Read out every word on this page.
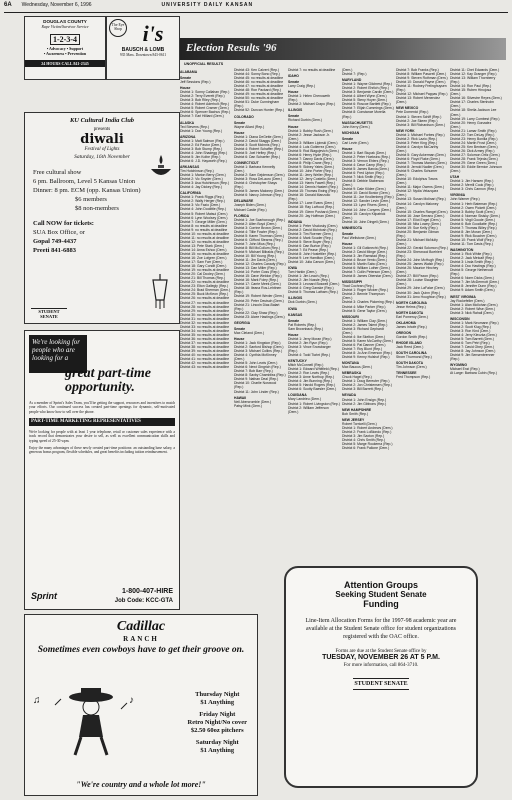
6A Wednesday, November 6, 1996	UNIVERSITY DAILY KANSAN
DOUGLAS COUNTY
Rape Victim/Survivor Service
1-2-3-4
• Advocacy • Support
• Awareness • Prevention
24 HOURS CALL 841-2345
The Eye Shop i's
BAUSCH & LOMB
935 Mass. Downtown 843-0611
KU Cultural India Club
presents
diwali
Festival of Lights
Saturday, 16th November
Free cultural show
6 pm. Ballroom, Level 5 Kansas Union
Dinner: 8 pm. ECM (opp. Kansas Union)
$6 members
$8 non-members
Call NOW for tickets:
SUA Box Office, or
Gopal 749-4437
Preeti 841-6883
STUDENT SENATE
We're looking for people who are looking for a
great part-time opportunity.
As a member of Sprint's Sales Team, you'll be getting the support, resources and incentives to match your efforts. Our continued success has created part-time openings for dynamic, self-motivated people who know how to sell over the phone.
PART-TIME MARKETING REPRESENTATIVES
We're looking for people with at least 1 year telephone, retail or customer sales experience with a track record that demonstrates your desire to sell, as well as excellent communication skills and typing speed of 25-30 wpm.
Enjoy the many advantages of these newly created part-time positions: an outstanding base salary, a generous bonus program, flexible schedules, and great benefits including tuition reimbursement.
Sprint	1-800-407-HIRE
Job Code: KCC-GTA
Election Results '96
UNOFFICIAL RESULTS
ALABAMA
Senate
Jeff Sessions (Rep.)
House
District 1: Sonny Callahan (Rep.)
District 2: Terry Everett (Rep.)
District 3: Bob Riley (Rep.)
District 4: Robert Aderholt (Rep.)
District 5: Robert Cramer (Dem.)
District 6: Spencer Bachus (Rep.)
District 7: Earl Hilliard (Dem.)
ALASKA
Ted Stevens (Rep.)
District 1: Don Young (Rep.)
ARIZONA
District 1: Matt Salmon (Rep.)
District 2: Ed Pastor (Dem.)
District 3: Bob Stump (Rep.)
District 4: John Shadegg (Rep.)
District 5: Jim Kolbe (Rep.)
District 6: J.D. Hayworth (Rep.)
ARKANSAS
Tim Hutchinson (Rep.)
District 1: Marion Berry (Dem.)
District 2: Vic Snyder (Dem.)
District 3: Asa Hutchinson (Rep.)
District 4: Jay Dickey (Rep.)
CALIFORNIA
District 1: Frank Riggs (Rep.)
District 2: Wally Herger (Rep.)
District 3: Vic Fazio (Dem.)
District 4: John Doolittle (Rep.)
District 5: Robert Matsui (Dem.)
District 6: Lynn Woolsey (Dem.)
District 7: George Miller (Dem.)
District 8: no results at deadline
District 9: no results at deadline
District 10: no results at deadline
District 11: no results at deadline
District 12: no results at deadline
District 13: Pete Stark (Dem.)
District 14: Anna Eshoo (Dem.)
District 15: no results at deadline
District 16: Zoe Lofgren (Dem.)
District 17: Sam Farr (Dem.)
District 18: Gary Condit (Dem.)
District 19: no results at deadline
District 20: Cal Dooley (Dem.)
District 21: Bill Thomas (Rep.)
District 22: no results at deadline
District 23: Elton Gallegly (Rep.)
District 24: Brad Sherman (Dem.)
District 25: Buck McKeon (Rep.)
District 26: no results at deadline
District 27: no results at deadline
District 28: no results at deadline
District 29: no results at deadline
District 30: no results at deadline
District 31: no results at deadline
District 32: no results at deadline
District 33: no results at deadline
District 34: no results at deadline
District 35: no results at deadline
District 36: no results at deadline
District 37: no results at deadline
District 38: no results at deadline
District 39: no results at deadline
District 40: no results at deadline
District 41: no results at deadline
District 42: no results at deadline
District 43: no results at deadline
District 43: Ken Calvert (Rep.)
District 44: Sonny Bono (Rep.)
District 45: no results at deadline
District 46: no results at deadline
District 47: no results at deadline
District 48: Ron Packard (Rep.)
District 49: no results at deadline
District 50: no results at deadline
District 51: Duke Cunningham (Rep.)
District 52: Duncan Hunter (Rep.)
COLORADO
Senate
Wayne Allard (Rep.)
House
District 1: Diana DeGette (Dem.)
District 2: David Skaggs (Dem.)
District 3: Scott McInnis (Rep.)
District 4: Robert Schaffer (Rep.)
District 5: Joel Hefley (Rep.)
District 6: Dan Schaefer (Rep.)
CONNECTICUT
District 1: Barbara Kennelly (Dem.)
District 2: Sam Gejdenson (Dem.)
District 3: Rosa DeLauro (Dem.)
District 4: Christopher Shays (Rep.)
District 5: James Maloney (Dem.)
District 6: Nancy Johnson (Rep.)
DELAWARE
Joseph Biden (Dem.)
Michael Castle (Rep.)
FLORIDA
District 1: Joe Scarborough (Rep.)
District 2: Allen Boyd (Dem.)
District 3: Corrine Brown (Dem.)
District 4: Tillie Fowler (Rep.)
District 5: Karen Thurman (Dem.)
District 6: Clifford Stearns (Rep.)
District 7: John Mica (Rep.)
District 8: Bill McCollum (Rep.)
District 9: Michael Bilirakis (Rep.)
District 10: Bill Young (Rep.)
District 11: Jim Davis (Dem.)
District 12: Charles Canady (Rep.)
District 13: Dan Miller (Rep.)
District 14: Porter Goss (Rep.)
District 15: Dave Weldon (Rep.)
District 16: Mark Foley (Rep.)
District 17: Carrie Meek (Dem.)
District 18: Ileana Ros-Lehtinen (Rep.)
District 19: Robert Wexler (Dem.)
District 20: Peter Deutsch (Dem.)
District 21: Lincoln Diaz-Balart (Rep.)
District 22: Clay Shaw (Rep.)
District 23: Alcee Hastings (Dem.)
GEORGIA
Senate
Max Cleland (Dem.)
House
District 1: Jack Kingston (Rep.)
District 2: Sanford Bishop (Dem.)
District 3: Michael Collins (Rep.)
District 4: Cynthia McKinney (Dem.)
District 5: John Lewis (Dem.)
District 6: Newt Gingrich (Rep.)
District 7: Bob Barr (Rep.)
District 8: Saxby Chambliss (Rep.)
District 9: Nathan Deal (Rep.)
District 10: Charlie Norwood (Rep.)
District 11: John Linder (Rep.)
HAWAII
Neil Abercrombie (Dem.)
Patsy Mink (Dem.)
District 7: no results at deadline
IDAHO
Senate
Larry Craig (Rep.)
House
District 1: Helen Chenoweth (Rep.)
District 2: Michael Crapo (Rep.)
ILLINOIS
Senate
Richard Durbin (Dem.)
House
District 1: Bobby Rush (Dem.)
District 2: Jesse Jackson Jr. (Dem.)
District 3: William Lipinski (Dem.)
District 4: Luis Gutierrez (Dem.)
District 5: Rod Blagojevich (Dem.)
District 6: Henry Hyde (Rep.)
District 7: Danny Davis (Dem.)
District 8: Philip Crane (Rep.)
District 9: Sidney Yates (Dem.)
District 10: John Porter (Rep.)
District 11: Jerry Weller (Rep.)
District 12: Jerry Costello (Dem.)
District 13: Harris Fawell (Rep.)
District 14: Dennis Hastert (Rep.)
District 15: Thomas Ewing (Rep.)
District 16: Donald Manzullo (Rep.)
District 17: Lane Evans (Dem.)
District 18: Ray LaHood (Rep.)
District 19: Glenn Poshard (Dem.)
District 20: Jay Hoffman (Dem.)
INDIANA
District 1: Peter Visclosky (Dem.)
District 2: David McIntosh (Rep.)
District 3: Tim Roemer (Dem.)
District 4: Mark Souder (Rep.)
District 5: Steve Buyer (Rep.)
District 6: Dan Burton (Rep.)
District 7: Ed Pease (Rep.)
District 8: John Hostettler (Rep.)
District 9: Lee Hamilton (Dem.)
District 10: Julia Carson (Dem.)
IOWA
Tom Harkin (Dem.)
District 1: Jim Leach (Rep.)
District 2: Jim Nussle (Rep.)
District 3: Leonard Boswell (Dem.)
District 4: Greg Ganske (Rep.)
District 5: Thomas Latham (Rep.)
ILLINOIS
Dick Durbin (Dem.)
IOWA
KANSAS
Senate
Pat Roberts (Rep.)
Sam Brownback (Rep.)
House
District 1: Jerry Moran (Rep.)
District 2: Jim Ryun (Rep.)
District 3: Vince Snowbarger (Rep.)
District 4: Todd Tiahrt (Rep.)
KENTUCKY
Mitch McConnell (Rep.)
District 1: Edward Whitfield (Rep.)
District 2: Ron Lewis (Rep.)
District 3: Anne Northup (Rep.)
District 4: Jim Bunning (Rep.)
District 5: Harold Rogers (Rep.)
District 6: Scotty Baesler (Dem.)
LOUISIANA
Mary Landrieu (Dem.)
District 1: Robert Livingston (Rep.)
District 2: William Jefferson (Dem.)
(Dem.)
District 7: (Rep.)
MARYLAND
District 1: Wayne Gilchrest (Rep.)
District 2: Robert Ehrlich (Rep.)
District 3: Benjamin Cardin (Dem.)
District 4: Albert Wynn (Dem.)
District 5: Steny Hoyer (Dem.)
District 6: Roscoe Bartlett (Rep.)
District 7: Elijah Cummings (Dem.)
District 8: Constance Morella (Rep.)
MASSACHUSETTS
John Kerry (Dem.)
MICHIGAN
Senate
Carl Levin (Dem.)
House
District 1: Bart Stupak (Dem.)
District 2: Peter Hoekstra (Rep.)
District 3: Vernon Ehlers (Rep.)
District 4: Dave Camp (Rep.)
District 5: James Barcia (Dem.)
District 6: Fred Upton (Rep.)
District 7: Nick Smith (Rep.)
District 8: Debbie Stabenow (Dem.)
District 9: Dale Kildee (Dem.)
District 10: David Bonior (Dem.)
District 11: Joe Knollenberg (Rep.)
District 12: Sander Levin (Dem.)
District 13: Lynn Rivers (Dem.)
District 14: John Conyers (Dem.)
District 15: Carolyn Kilpatrick (Dem.)
District 16: John Dingell (Dem.)
MINNESOTA
Senate
Paul Wellstone (Dem.)
House
District 1: Gil Gutknecht (Rep.)
District 2: David Minge (Dem.)
District 3: Jim Ramstad (Rep.)
District 4: Bruce Vento (Dem.)
District 5: Martin Sabo (Dem.)
District 6: William Luther (Dem.)
District 7: Collin Peterson (Dem.)
District 8: James Oberstar (Dem.)
MISSISSIPPI
Thad Cochran (Rep.)
District 1: Roger Wicker (Rep.)
District 2: Bennie Thompson (Dem.)
District 3: Charles Pickering (Rep.)
District 4: Mike Parker (Rep.)
District 5: Gene Taylor (Dem.)
MISSOURI
District 1: William Clay (Dem.)
District 2: James Talent (Rep.)
District 3: Richard Gephardt (Dem.)
District 4: Ike Skelton (Dem.)
District 5: Karen McCarthy (Dem.)
District 6: Pat Danner (Dem.)
District 7: Roy Blunt (Rep.)
District 8: Jo Ann Emerson (Rep.)
District 9: Kenny Hulshof (Rep.)
MONTANA
Max Baucus (Dem.)
NEBRASKA
Chuck Hagel (Rep.)
District 1: Doug Bereuter (Rep.)
District 2: Jon Christensen (Rep.)
District 3: Bill Barrett (Rep.)
NEVADA
District 1: John Ensign (Rep.)
District 2: Jim Gibbons (Rep.)
NEW HAMPSHIRE
Bob Smith (Rep.)
NEW JERSEY
Robert Torricelli (Dem.)
District 1: Robert Andrews (Dem.)
District 2: Frank LoBiondo (Rep.)
District 3: Jim Saxton (Rep.)
District 4: Chris Smith (Rep.)
District 5: Marge Roukema (Rep.)
District 6: Frank Pallone (Dem.)
District 7: Bob Franks (Rep.)
District 8: William Pascrell (Dem.)
District 9: Steven Rothman (Dem.)
District 10: Donald Payne (Dem.)
District 11: Rodney Frelinghuysen (Rep.)
District 12: Michael Pappas (Rep.)
District 13: Robert Menendez (Dem.)
NEW MEXICO
Pete Domenici (Rep.)
District 1: Steven Schiff (Rep.)
District 2: Joe Skeen (Rep.)
District 3: Bill Richardson (Dem.)
NEW YORK
District 1: Michael Forbes (Rep.)
District 2: Rick Lazio (Rep.)
District 3: Peter King (Rep.)
District 4: Carolyn McCarthy (Dem.)
District 5: Gary Ackerman (Dem.)
District 6: Floyd Flake (Dem.)
District 7: Thomas Manton (Dem.)
District 8: Jerrold Nadler (Dem.)
District 9: Charles Schumer (Dem.)
District 10: Edolphus Towns (Dem.)
District 11: Major Owens (Dem.)
District 12: Nydia Velazquez (Dem.)
District 13: Susan Molinari (Rep.)
District 14: Carolyn Maloney (Dem.)
District 15: Charles Rangel (Dem.)
District 16: Jose Serrano (Dem.)
District 17: Eliot Engel (Dem.)
District 18: Nita Lowey (Dem.)
District 19: Sue Kelly (Rep.)
District 20: Benjamin Gilman (Rep.)
District 21: Michael McNulty (Dem.)
District 22: Gerald Solomon (Rep.)
District 23: Sherwood Boehlert (Rep.)
District 24: John McHugh (Rep.)
District 25: James Walsh (Rep.)
District 26: Maurice Hinchey (Dem.)
District 27: Bill Paxon (Rep.)
District 28: Louise Slaughter (Dem.)
District 29: John LaFalce (Dem.)
District 30: Jack Quinn (Rep.)
District 31: Amo Houghton (Rep.)
NORTH CAROLINA
Jesse Helms (Rep.)
NORTH DAKOTA
Earl Pomeroy (Dem.)
OKLAHOMA
James Inhofe (Rep.)
OREGON
Gordon Smith (Rep.)
RHODE ISLAND
Jack Reed (Dem.)
SOUTH CAROLINA
Strom Thurmond (Rep.)
SOUTH DAKOTA
Tim Johnson (Dem.)
TENNESSEE
Fred Thompson (Rep.)
District 11: Chet Edwards (Dem.)
District 12: Kay Granger (Rep.)
District 13: William Thornberry (Rep.)
District 14: Ron Paul (Rep.)
District 15: Ruben Hinojosa (Dem.)
District 16: Silvestre Reyes (Dem.)
District 17: Charles Stenholm (Dem.)
District 18: Sheila Jackson Lee (Dem.)
District 19: Larry Combest (Rep.)
District 20: Henry Gonzalez (Dem.)
District 21: Lamar Smith (Rep.)
District 22: Tom DeLay (Rep.)
District 23: Henry Bonilla (Rep.)
District 24: Martin Frost (Dem.)
District 25: Ken Bentsen (Dem.)
District 26: Dick Armey (Rep.)
District 27: Solomon Ortiz (Dem.)
District 28: Frank Tejeda (Dem.)
District 29: Gene Green (Dem.)
District 30: Eddie Bernice Johnson (Dem.)
UTAH
District 1: Jim Hansen (Rep.)
District 2: Merrill Cook (Rep.)
District 3: Chris Cannon (Rep.)
VIRGINIA
John Warner (Rep.)
District 1: Herb Bateman (Rep.)
District 2: Owen Pickett (Dem.)
District 3: Bobby Scott (Dem.)
District 4: Norman Sisisky (Dem.)
District 5: Virgil Goode (Dem.)
District 6: Bob Goodlatte (Rep.)
District 7: Thomas Bliley (Rep.)
District 8: Jim Moran (Dem.)
District 9: Rick Boucher (Dem.)
District 10: Frank Wolf (Rep.)
District 11: Tom Davis (Rep.)
WASHINGTON
District 1: Rick White (Rep.)
District 2: Jack Metcalf (Rep.)
District 3: Linda Smith (Rep.)
District 4: Doc Hastings (Rep.)
District 5: George Nethercutt (Rep.)
District 6: Norm Dicks (Dem.)
District 7: Jim McDermott (Dem.)
District 8: Jennifer Dunn (Rep.)
District 9: Adam Smith (Dem.)
WEST VIRGINIA
Jay Rockefeller (Dem.)
District 1: Alan Mollohan (Dem.)
District 2: Robert Wise (Dem.)
District 3: Nick Rahall (Dem.)
WISCONSIN
District 1: Mark Neumann (Rep.)
District 2: Scott Klug (Rep.)
District 3: Ron Kind (Dem.)
District 4: Jerry Kleczka (Dem.)
District 5: Tom Barrett (Dem.)
District 6: Tom Petri (Rep.)
District 7: David Obey (Dem.)
District 8: Jay Johnson (Dem.)
District 9: Jim Sensenbrenner (Rep.)
WYOMING
Michael Enzi (Rep.)
At Large: Barbara Cubin (Rep.)
Attention Groups
Seeking Student Senate
Funding
Line-Item Allocation Forms for the 1997-98 academic year are available at the Student Senate office for student organizations registered with the OAC office.
Forms are due at the Student Senate office by
TUESDAY, NOVEMBER 26 AT 5 P.M.
For more information, call 864-3710.
STUDENT SENATE
Cadillac
RANCH
Sometimes even cowboys have to get their groove on.
♫	♪
Thursday Night
$1 Anything
Friday Night
Retro Night/No cover
$2.50 60oz pitchers
Saturday Night
$1 Anything
"We're country and a whole lot more!"
